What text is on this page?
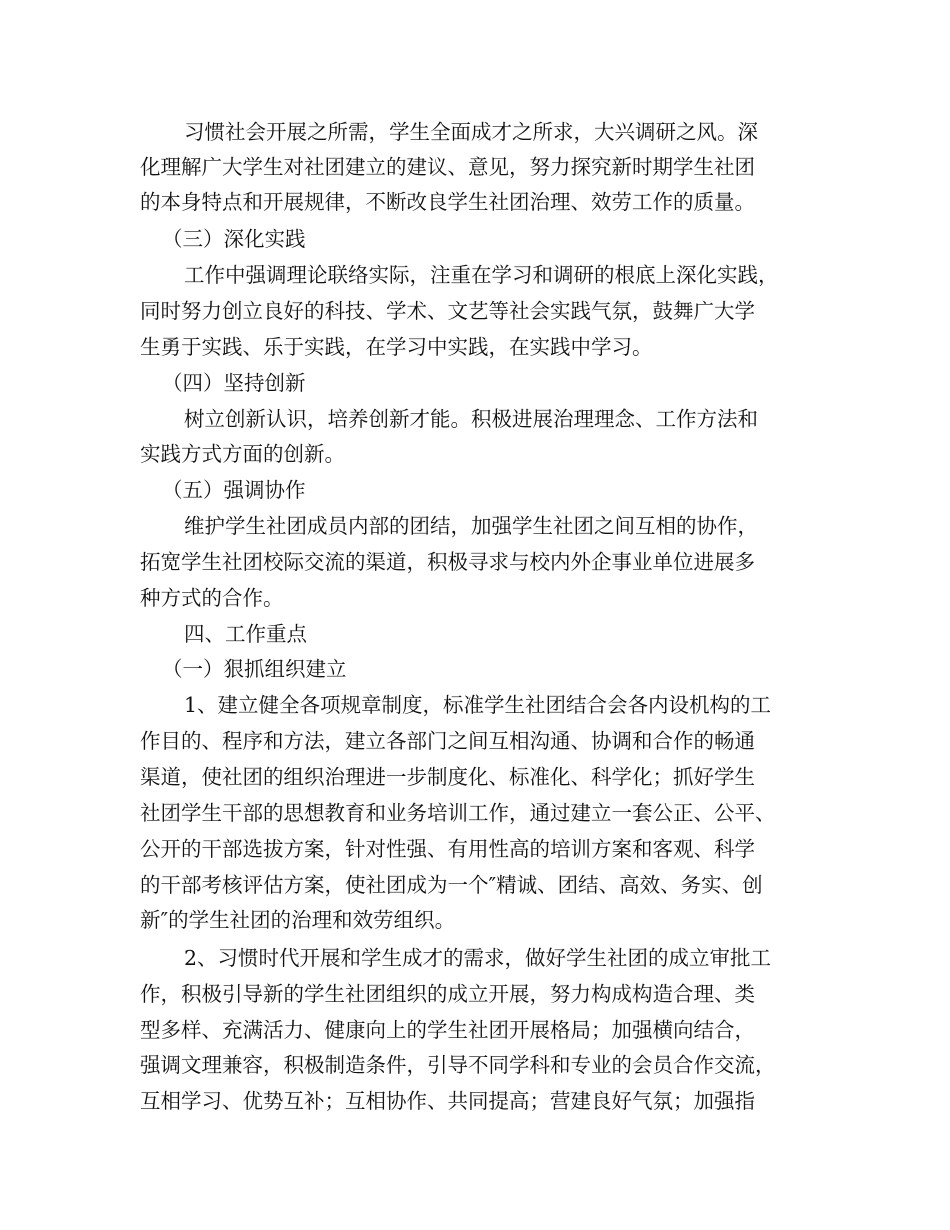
习惯社会开展之所需，学生全面成才之所求，大兴调研之风。深
化理解广大学生对社团建立的建议、意见，努力探究新时期学生社团
的本身特点和开展规律，不断改良学生社团治理、效劳工作的质量。
（三）深化实践
工作中强调理论联络实际，注重在学习和调研的根底上深化实践，
同时努力创立良好的科技、学术、文艺等社会实践气氛，鼓舞广大学
生勇于实践、乐于实践，在学习中实践，在实践中学习。
（四）坚持创新
树立创新认识，培养创新才能。积极进展治理理念、工作方法和
实践方式方面的创新。
（五）强调协作
维护学生社团成员内部的团结，加强学生社团之间互相的协作，
拓宽学生社团校际交流的渠道，积极寻求与校内外企事业单位进展多
种方式的合作。
四、工作重点
（一）狠抓组织建立
1、建立健全各项规章制度，标准学生社团结合会各内设机构的工
作目的、程序和方法，建立各部门之间互相沟通、协调和合作的畅通
渠道，使社团的组织治理进一步制度化、标准化、科学化；抓好学生
社团学生干部的思想教育和业务培训工作，通过建立一套公正、公平、
公开的干部选拔方案，针对性强、有用性高的培训方案和客观、科学
的干部考核评估方案，使社团成为一个″精诚、团结、高效、务实、创
新″的学生社团的治理和效劳组织。
2、习惯时代开展和学生成才的需求，做好学生社团的成立审批工
作，积极引导新的学生社团组织的成立开展，努力构成构造合理、类
型多样、充满活力、健康向上的学生社团开展格局；加强横向结合，
强调文理兼容，积极制造条件，引导不同学科和专业的会员合作交流，
互相学习、优势互补；互相协作、共同提高；营建良好气氛；加强指
